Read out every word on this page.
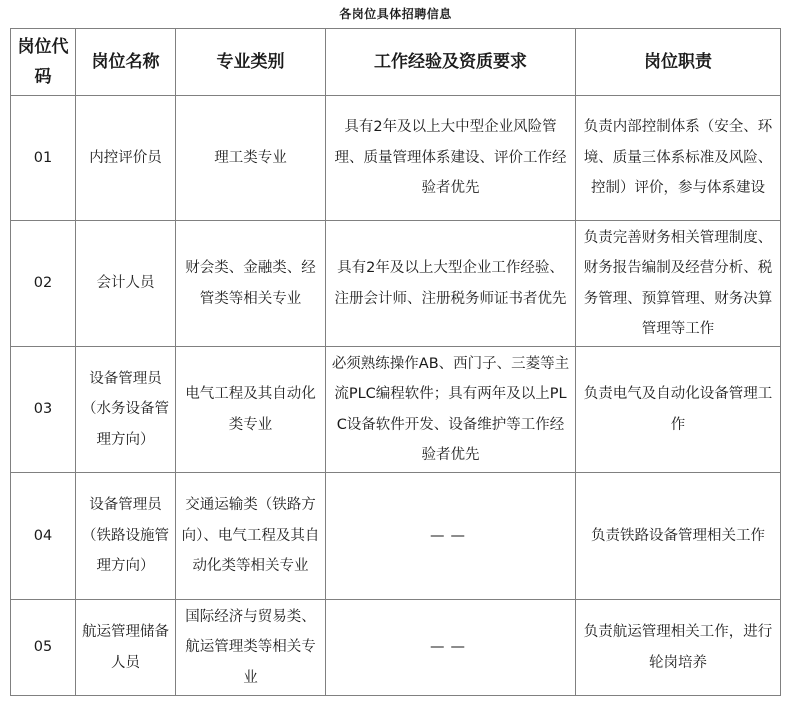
各岗位具体招聘信息
岗位代码	岗位名称	专业类别	工作经验及资质要求	岗位职责
01	内控评价员	理工类专业	具有2年及以上大中型企业风险管理、质量管理体系建设、评价工作经验者优先	负责内部控制体系（安全、环境、质量三体系标准及风险、控制）评价，参与体系建设
02	会计人员	财会类、金融类、经管类等相关专业	具有2年及以上大型企业工作经验、注册会计师、注册税务师证书者优先	负责完善财务相关管理制度、财务报告编制及经营分析、税务管理、预算管理、财务决算管理等工作
03	设备管理员（水务设备管理方向）	电气工程及其自动化类专业	必须熟练操作AB、西门子、三菱等主流PLC编程软件；具有两年及以上PLC设备软件开发、设备维护等工作经验者优先	负责电气及自动化设备管理工作
04	设备管理员（铁路设施管理方向）	交通运输类（铁路方向）、电气工程及其自动化类等相关专业	——	负责铁路设备管理相关工作
05	航运管理储备人员	国际经济与贸易类、航运管理类等相关专业	——	负责航运管理相关工作，进行轮岗培养
